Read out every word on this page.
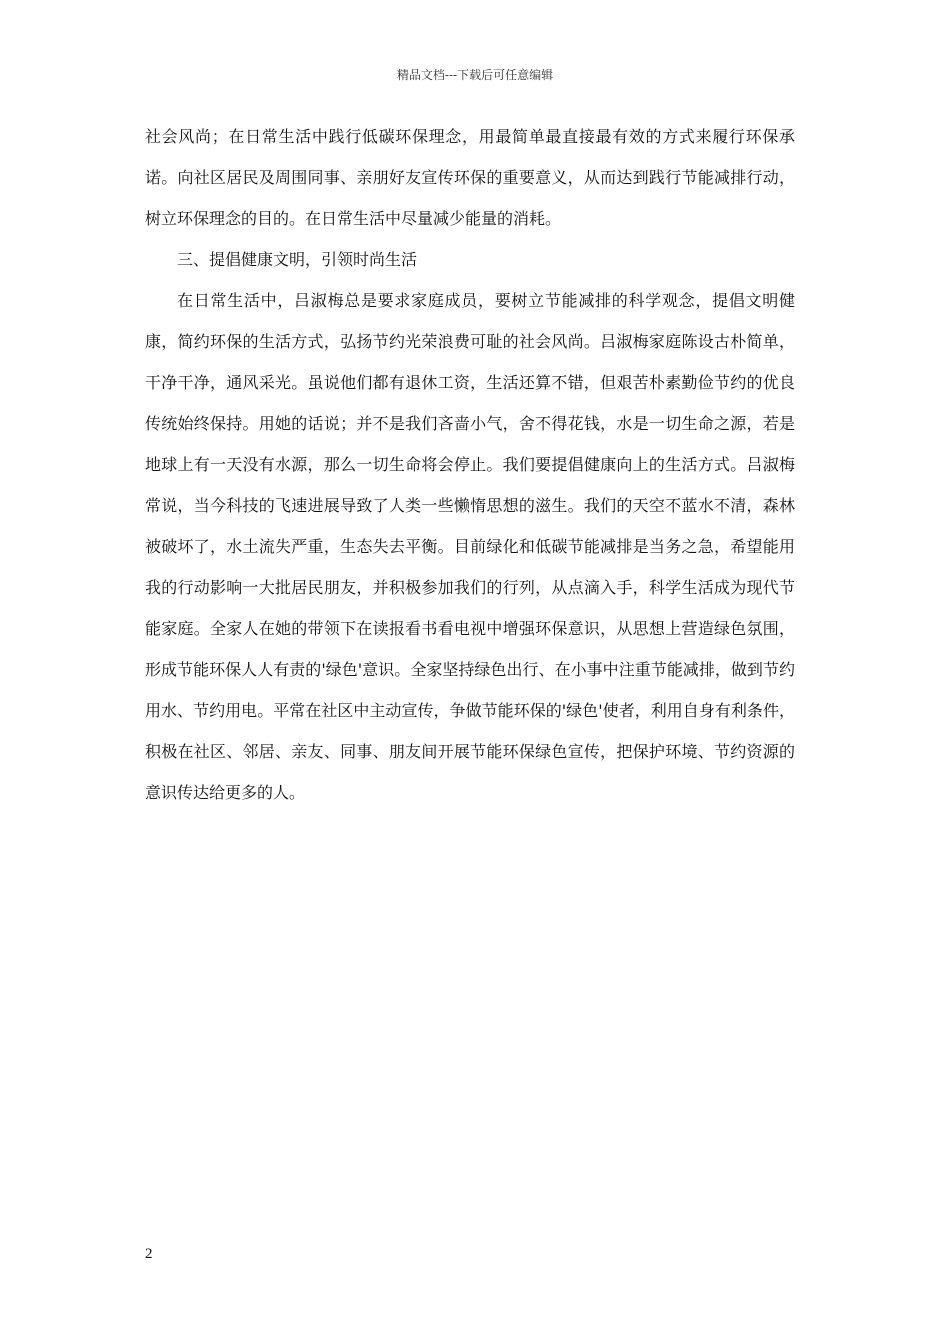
精品文档---下载后可任意编辑

社会风尚；在日常生活中践行低碳环保理念，用最简单最直接最有效的方式来履行环保承诺。向社区居民及周围同事、亲朋好友宣传环保的重要意义，从而达到践行节能减排行动，树立环保理念的目的。在日常生活中尽量减少能量的消耗。

三、提倡健康文明，引领时尚生活

在日常生活中，吕淑梅总是要求家庭成员，要树立节能减排的科学观念，提倡文明健康，简约环保的生活方式，弘扬节约光荣浪费可耻的社会风尚。吕淑梅家庭陈设古朴简单，干净干净，通风采光。虽说他们都有退休工资，生活还算不错，但艰苦朴素勤俭节约的优良传统始终保持。用她的话说；并不是我们吝啬小气，舍不得花钱，水是一切生命之源，若是地球上有一天没有水源，那么一切生命将会停止。我们要提倡健康向上的生活方式。吕淑梅常说，当今科技的飞速进展导致了人类一些懒惰思想的滋生。我们的天空不蓝水不清，森林被破坏了，水土流失严重，生态失去平衡。目前绿化和低碳节能减排是当务之急，希望能用我的行动影响一大批居民朋友，并积极参加我们的行列，从点滴入手，科学生活成为现代节能家庭。全家人在她的带领下在读报看书看电视中增强环保意识，从思想上营造绿色氛围，形成节能环保人人有责的'绿色'意识。全家坚持绿色出行、在小事中注重节能减排，做到节约用水、节约用电。平常在社区中主动宣传，争做节能环保的'绿色'使者，利用自身有利条件，积极在社区、邻居、亲友、同事、朋友间开展节能环保绿色宣传，把保护环境、节约资源的意识传达给更多的人。

2
